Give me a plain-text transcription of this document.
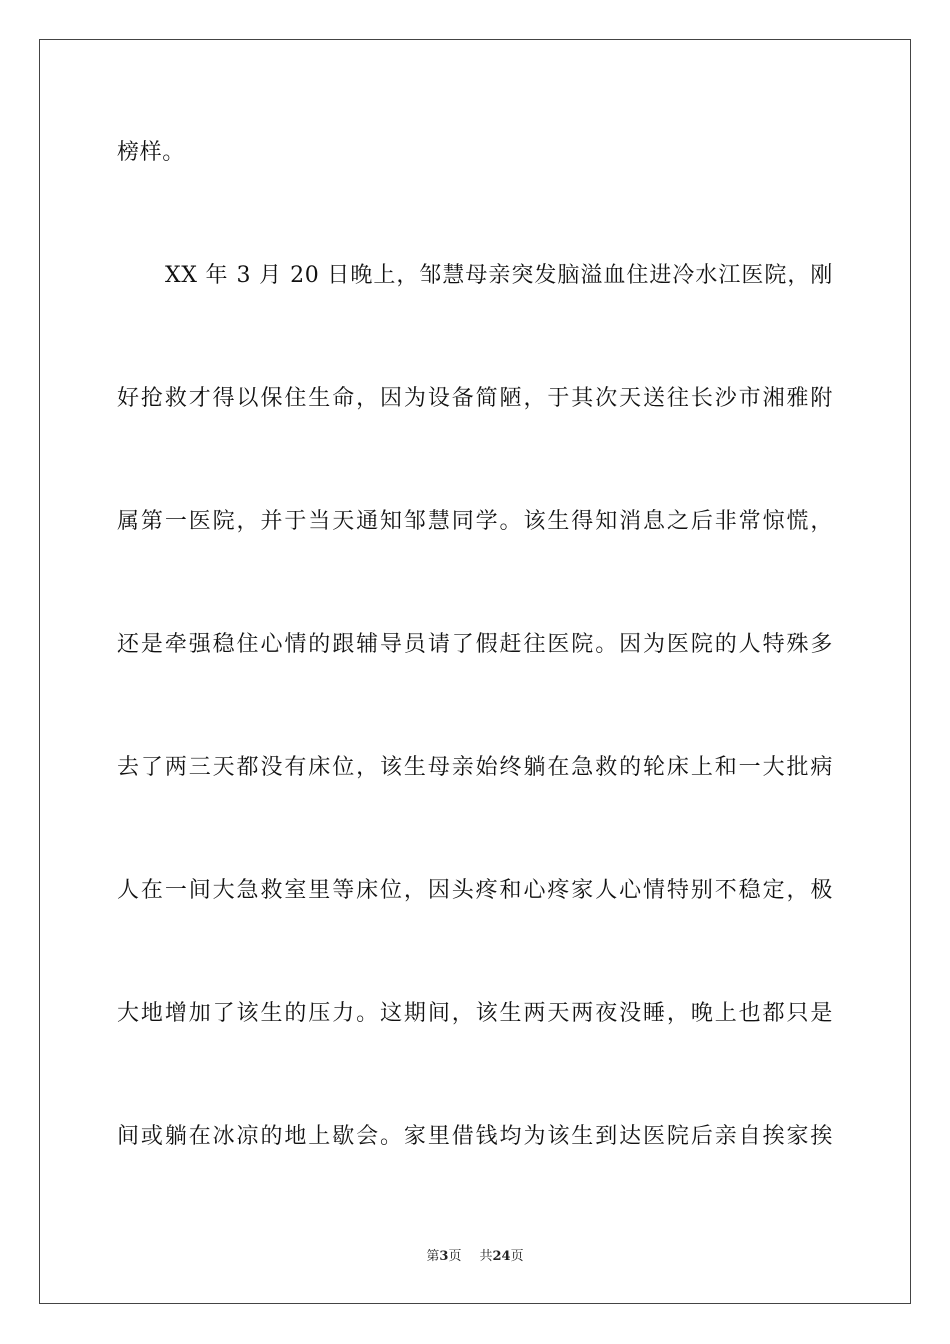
榜样。
XX 年 3 月 20 日晚上，邹慧母亲突发脑溢血住进冷水江医院，刚
好抢救才得以保住生命，因为设备简陋，于其次天送往长沙市湘雅附
属第一医院，并于当天通知邹慧同学。该生得知消息之后非常惊慌，
还是牵强稳住心情的跟辅导员请了假赶往医院。因为医院的人特殊多
去了两三天都没有床位，该生母亲始终躺在急救的轮床上和一大批病
人在一间大急救室里等床位，因头疼和心疼家人心情特别不稳定，极
大地增加了该生的压力。这期间，该生两天两夜没睡，晚上也都只是
间或躺在冰凉的地上歇会。家里借钱均为该生到达医院后亲自挨家挨
第3页 共24页
